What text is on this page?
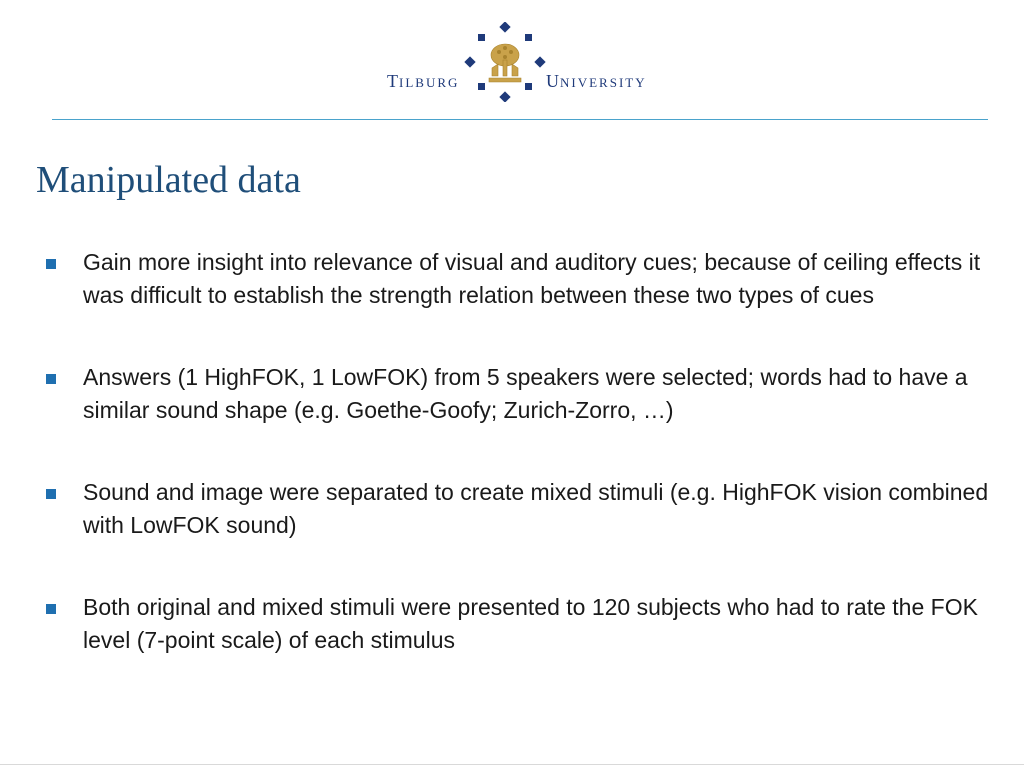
TILBURG	UNIVERSITY
Manipulated data
Gain more insight into relevance of visual and auditory cues; because of ceiling effects it was difficult to establish the strength relation between these two types of cues
Answers (1 HighFOK, 1 LowFOK) from 5 speakers were selected; words had to have a similar sound shape (e.g. Goethe-Goofy; Zurich-Zorro, …)
Sound and image were separated to create mixed stimuli (e.g. HighFOK vision combined with LowFOK sound)
Both original and mixed stimuli were presented to 120 subjects who had to rate the FOK level (7-point scale) of each stimulus
